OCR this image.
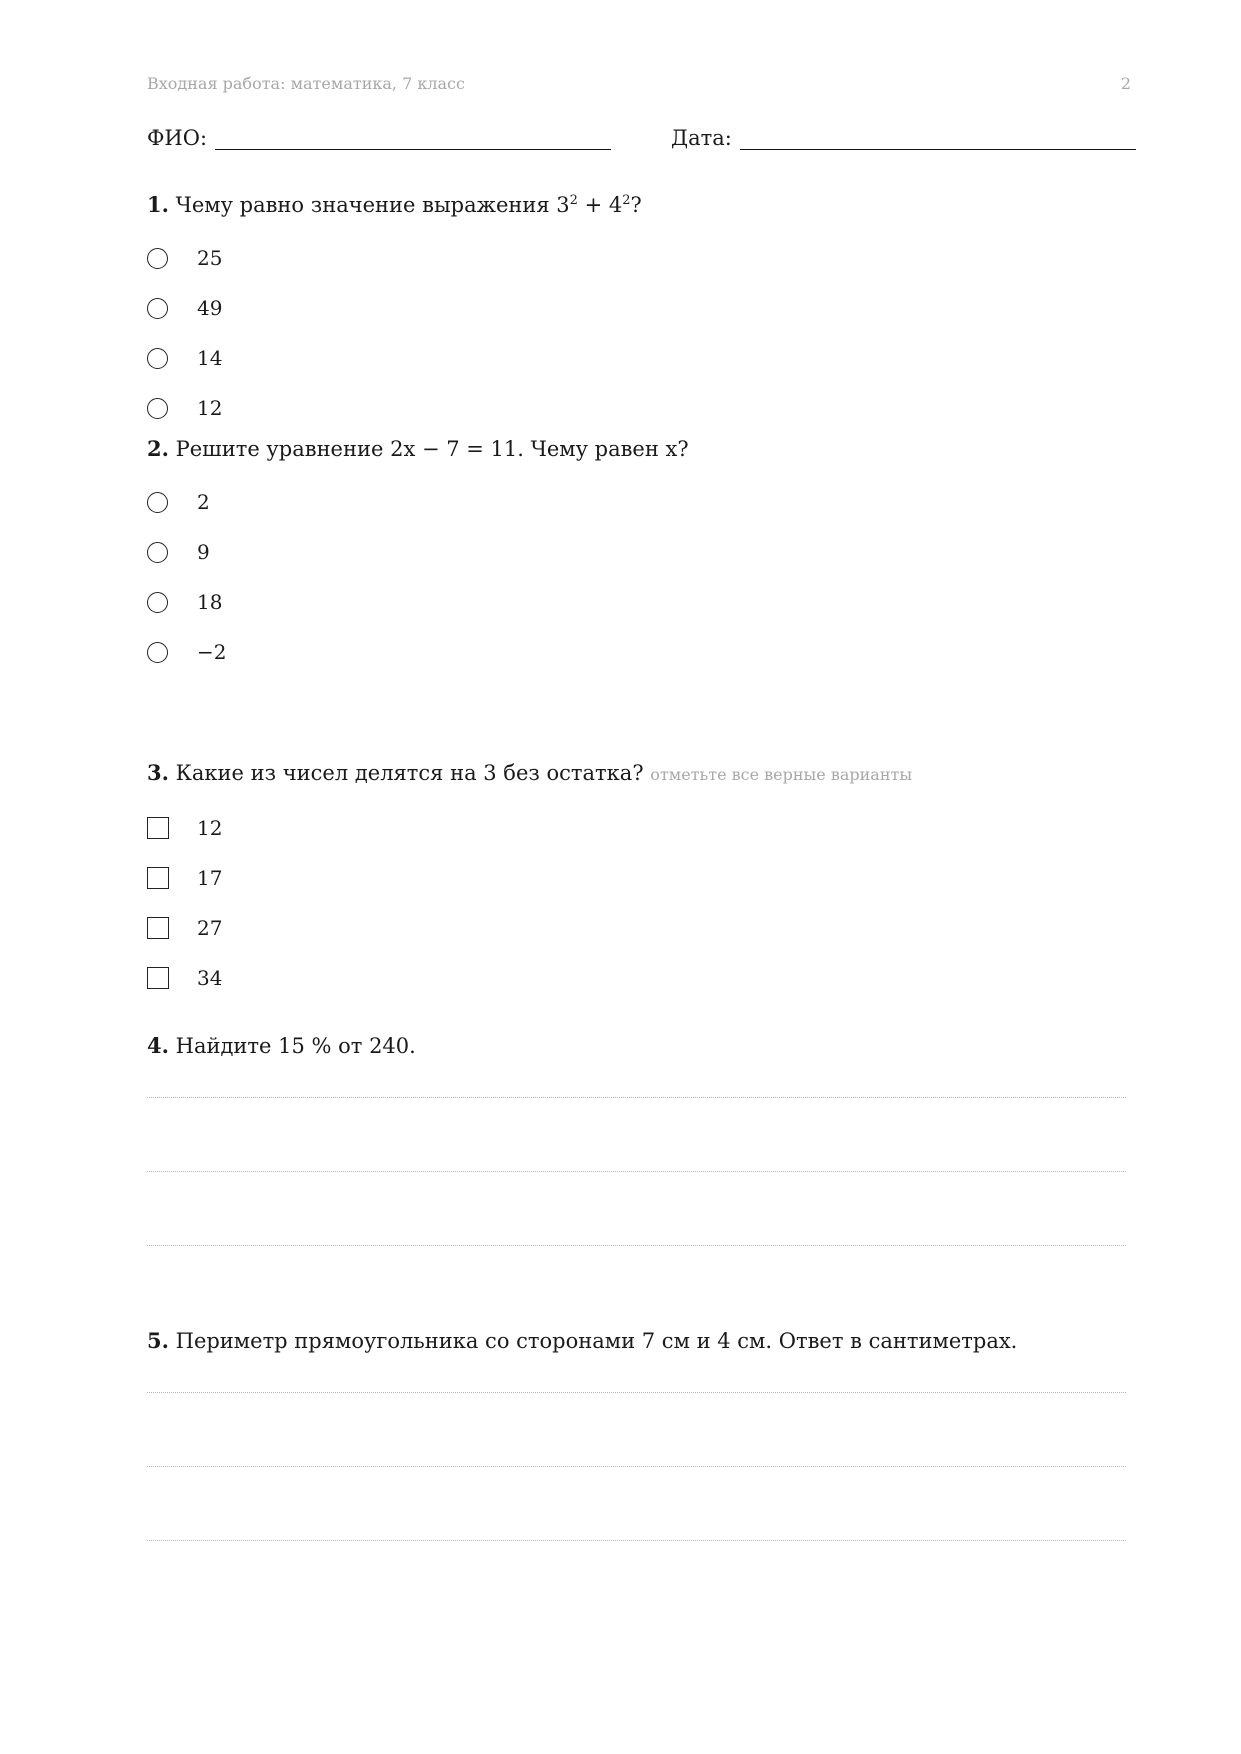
Входная работа: математика, 7 класс	2
ФИО:	Дата:
1. Чему равно значение выражения $3^2 + 4^2$?
25
49
14
12
2. Решите уравнение 2x − 7 = 11. Чему равен x?
2
9
18
−2
3. Какие из чисел делятся на 3 без остатка? отметьте все верные варианты
12
17
27
34
4. Найдите 15 % от 240.
5. Периметр прямоугольника со сторонами 7 см и 4 см. Ответ в сантиметрах.
